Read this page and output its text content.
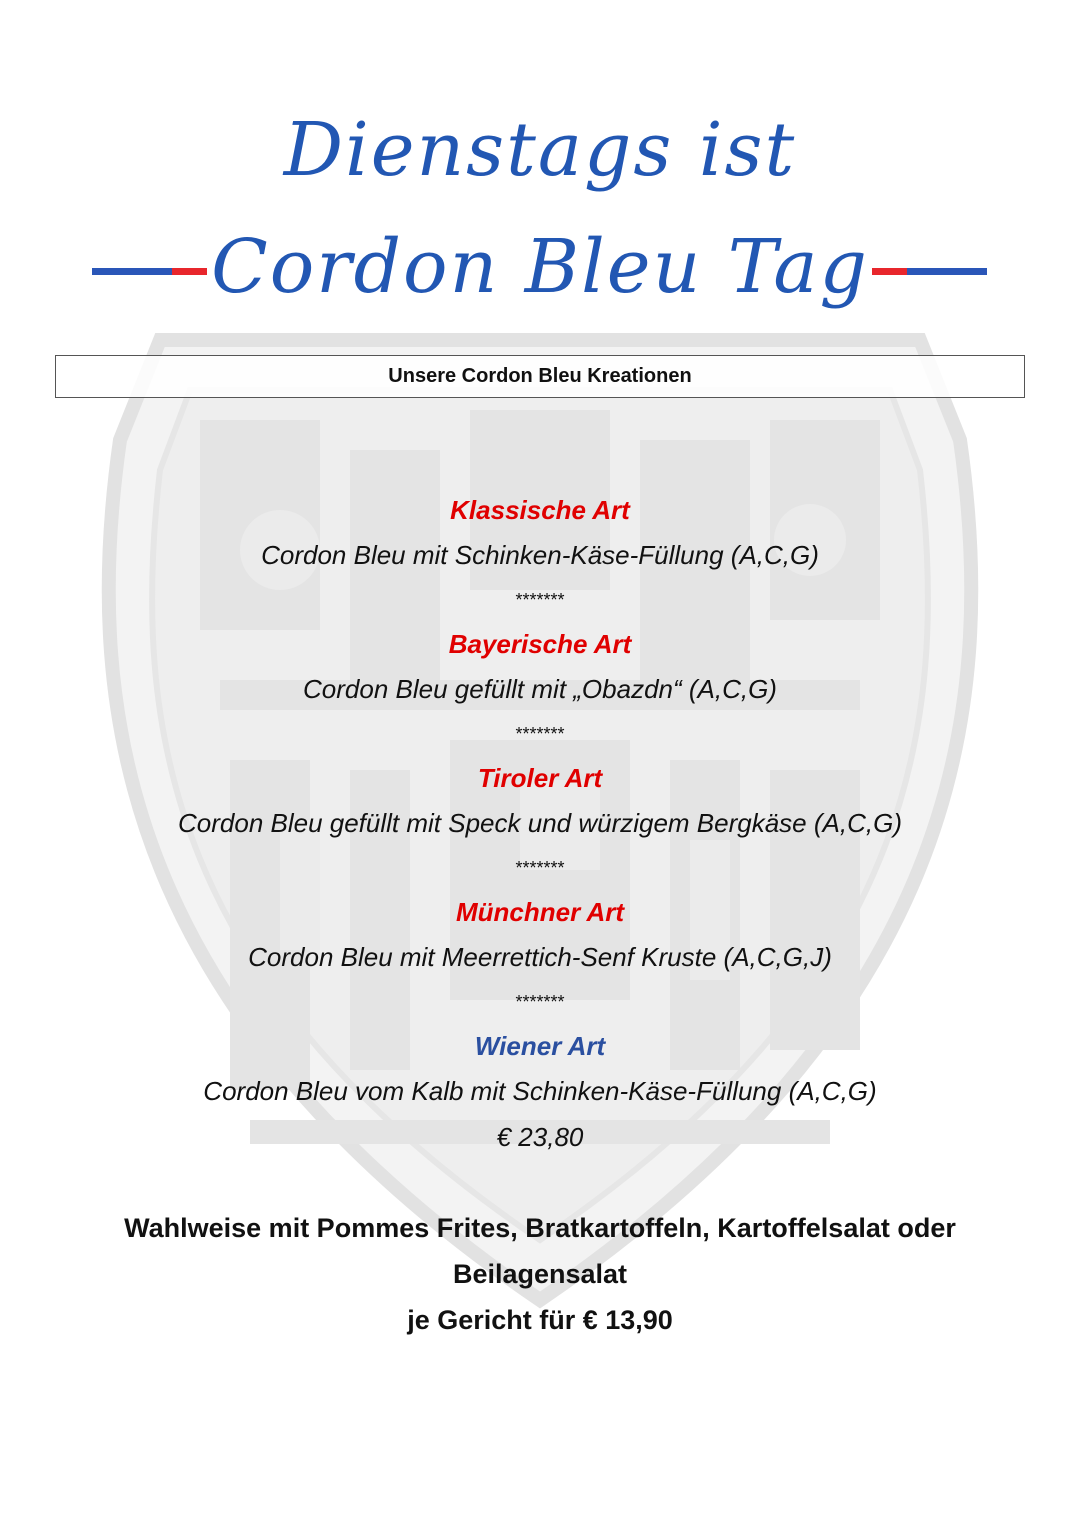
Dienstags ist
Cordon Bleu Tag
Unsere Cordon Bleu Kreationen
Klassische Art
Cordon Bleu mit Schinken-Käse-Füllung (A,C,G)
*******
Bayerische Art
Cordon Bleu gefüllt mit „Obazdn“ (A,C,G)
*******
Tiroler Art
Cordon Bleu gefüllt mit Speck und würzigem Bergkäse (A,C,G)
*******
Münchner Art
Cordon Bleu mit Meerrettich-Senf Kruste (A,C,G,J)
*******
Wiener Art
Cordon Bleu vom Kalb mit Schinken-Käse-Füllung (A,C,G)
€ 23,80
Wahlweise mit Pommes Frites, Bratkartoffeln, Kartoffelsalat oder
Beilagensalat
je Gericht für € 13,90
